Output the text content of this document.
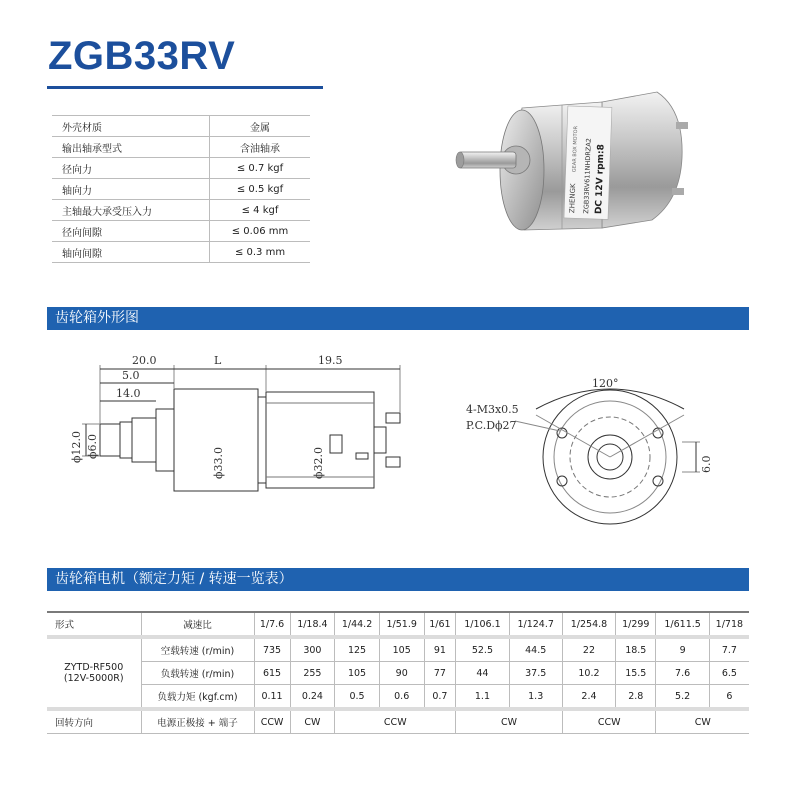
ZGB33RV
外壳材质	金属
输出轴承型式	含油轴承
径向力	≤ 0.7 kgf
轴向力	≤ 0.5 kgf
主轴最大承受压入力	≤ 4 kgf
径向间隙	≤ 0.06 mm
轴向间隙	≤ 0.3 mm
ZHENGK
GEAR BOX MOTOR ZGB33RV611NHDRZA2 DC 12V rpm:8
齿轮箱外形图
20.0	L	19.5
5.0
14.0
ϕ12.0 ϕ6.0
ϕ33.0	ϕ32.0
120°
4-M3x0.5
P.C.Dϕ27
6.0
齿轮箱电机（额定力矩 / 转速一览表）
形式	减速比	1/7.6	1/18.4	1/44.2	1/51.9	1/61	1/106.1	1/124.7	1/254.8	1/299	1/611.5	1/718

ZYTD-RF500
(12V-5000R)	空载转速 (r/min)	735	300	125	105	91	52.5	44.5	22	18.5	9	7.7
	负载转速 (r/min)	615	255	105	90	77	44	37.5	10.2	15.5	7.6	6.5
	负载力矩 (kgf.cm)	0.11	0.24	0.5	0.6	0.7	1.1	1.3	2.4	2.8	5.2	6
回转方向	电源正极接 + 端子	CCW	CW	CCW			CW		CCW		CW	
